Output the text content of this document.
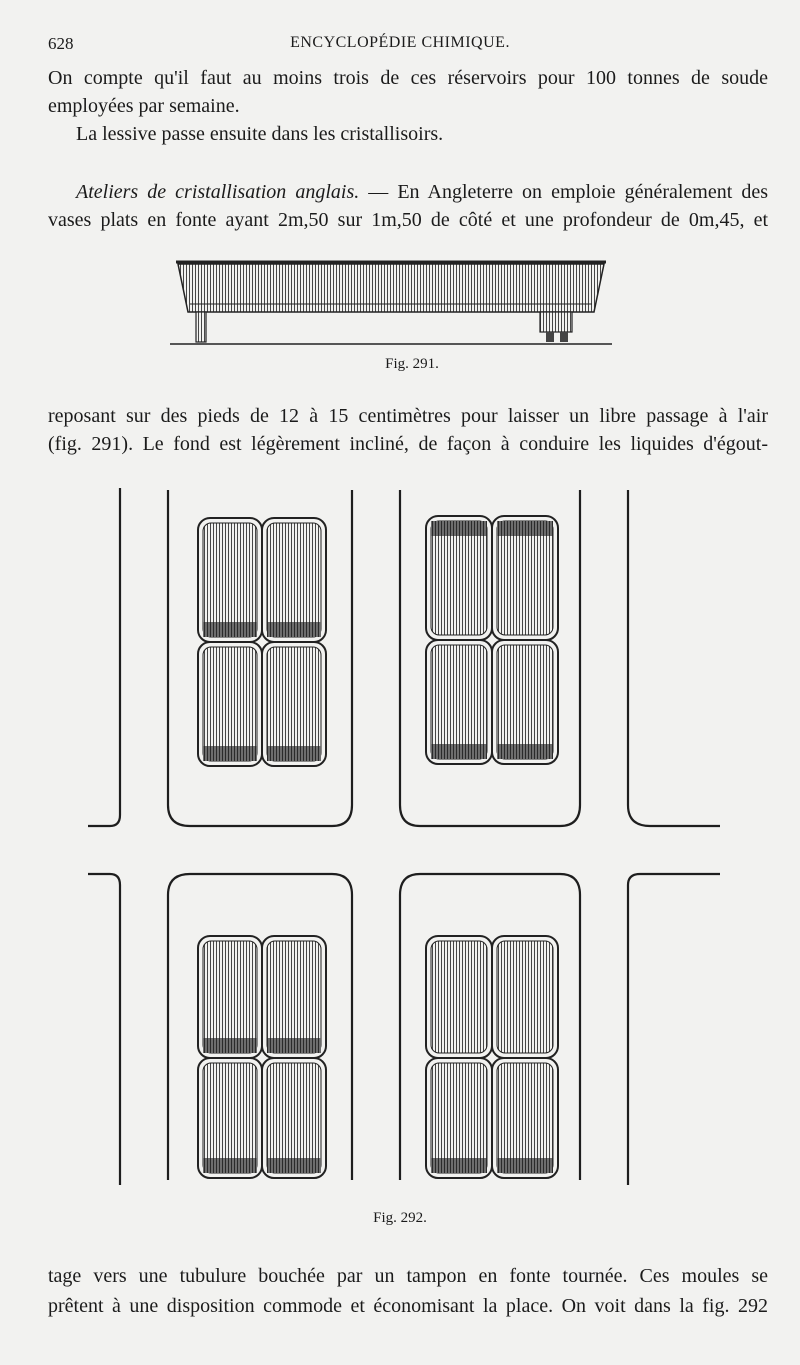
628	ENCYCLOPÉDIE CHIMIQUE.

On compte qu'il faut au moins trois de ces réservoirs pour 100 tonnes de soude

employées par semaine.

La lessive passe ensuite dans les cristallisoirs.

Ateliers de cristallisation anglais. — En Angleterre on emploie généralement des

vases plats en fonte ayant 2m,50 sur 1m,50 de côté et une profondeur de 0m,45, et

Fig. 291.

reposant sur des pieds de 12 à 15 centimètres pour laisser un libre passage à l'air

(fig. 291). Le fond est légèrement incliné, de façon à conduire les liquides d'égout-

Fig. 292.

tage vers une tubulure bouchée par un tampon en fonte tournée. Ces moules se

prêtent à une disposition commode et économisant la place. On voit dans la fig. 292
